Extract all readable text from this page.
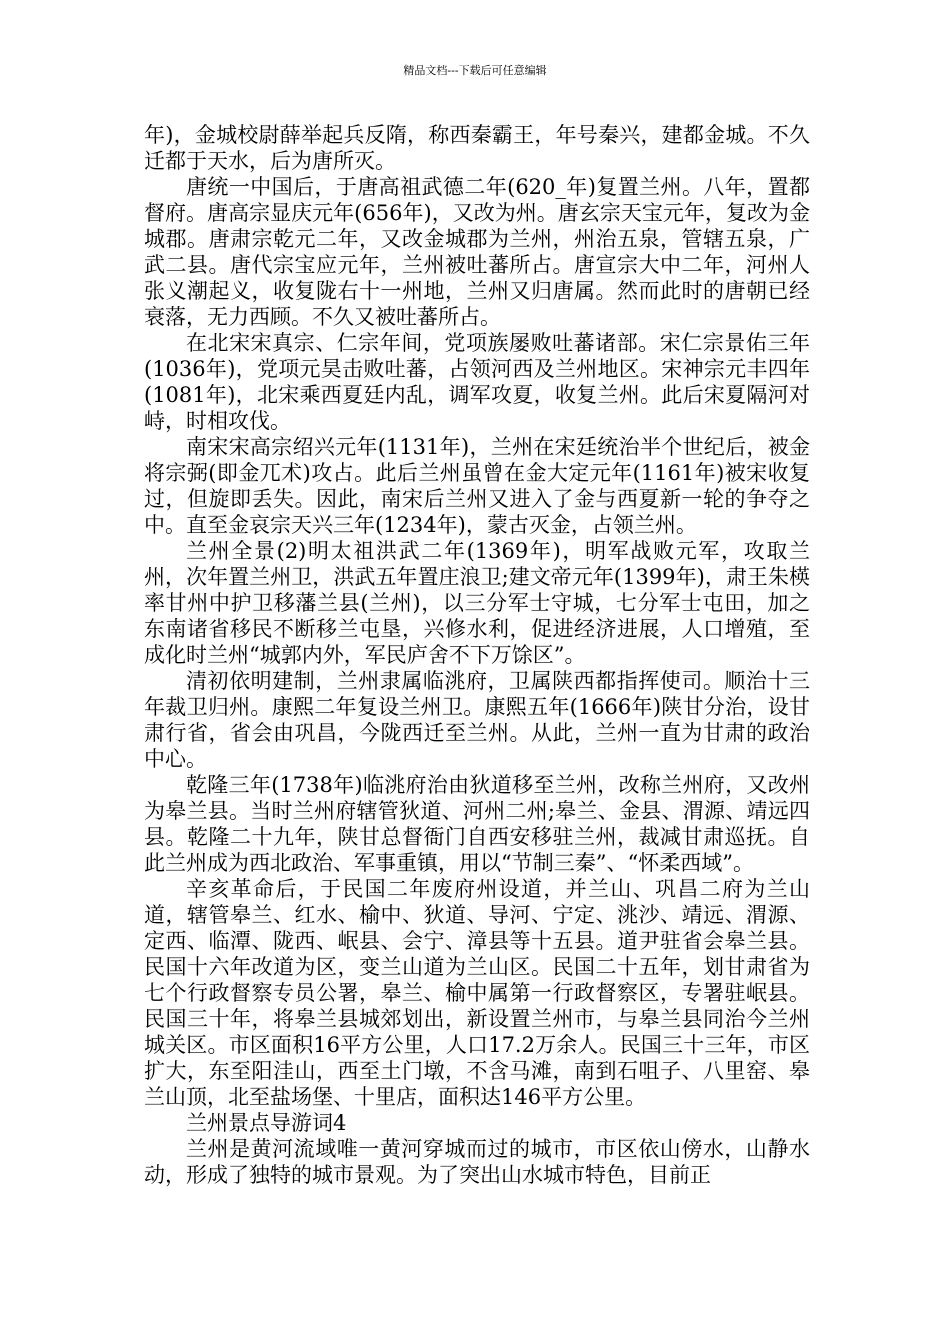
精品文档---下载后可任意编辑

年)，金城校尉薛举起兵反隋，称西秦霸王，年号秦兴，建都金城。不久迁都于天水，后为唐所灭。

唐统一中国后，于唐高祖武德二年(620_年)复置兰州。八年，置都督府。唐高宗显庆元年(656年)，又改为州。唐玄宗天宝元年，复改为金城郡。唐肃宗乾元二年，又改金城郡为兰州，州治五泉，管辖五泉，广武二县。唐代宗宝应元年，兰州被吐蕃所占。唐宣宗大中二年，河州人张义潮起义，收复陇右十一州地，兰州又归唐属。然而此时的唐朝已经衰落，无力西顾。不久又被吐蕃所占。

在北宋宋真宗、仁宗年间，党项族屡败吐蕃诸部。宋仁宗景佑三年(1036年)，党项元昊击败吐蕃，占领河西及兰州地区。宋神宗元丰四年(1081年)，北宋乘西夏廷内乱，调军攻夏，收复兰州。此后宋夏隔河对峙，时相攻伐。

南宋宋高宗绍兴元年(1131年)，兰州在宋廷统治半个世纪后，被金将宗弼(即金兀术)攻占。此后兰州虽曾在金大定元年(1161年)被宋收复过，但旋即丢失。因此，南宋后兰州又进入了金与西夏新一轮的争夺之中。直至金哀宗天兴三年(1234年)，蒙古灭金，占领兰州。

兰州全景(2)明太祖洪武二年(1369年)，明军战败元军，攻取兰州，次年置兰州卫，洪武五年置庄浪卫;建文帝元年(1399年)，肃王朱楧率甘州中护卫移藩兰县(兰州)，以三分军士守城，七分军士屯田，加之东南诸省移民不断移兰屯垦，兴修水利，促进经济进展，人口增殖，至成化时兰州“城郭内外，军民庐舍不下万馀区”。

清初依明建制，兰州隶属临洮府，卫属陕西都指挥使司。顺治十三年裁卫归州。康熙二年复设兰州卫。康熙五年(1666年)陕甘分治，设甘肃行省，省会由巩昌，今陇西迁至兰州。从此，兰州一直为甘肃的政治中心。

乾隆三年(1738年)临洮府治由狄道移至兰州，改称兰州府，又改州为皋兰县。当时兰州府辖管狄道、河州二州;皋兰、金县、渭源、靖远四县。乾隆二十九年，陕甘总督衙门自西安移驻兰州，裁减甘肃巡抚。自此兰州成为西北政治、军事重镇，用以“节制三秦”、“怀柔西域”。

辛亥革命后，于民国二年废府州设道，并兰山、巩昌二府为兰山道，辖管皋兰、红水、榆中、狄道、导河、宁定、洮沙、靖远、渭源、定西、临潭、陇西、岷县、会宁、漳县等十五县。道尹驻省会皋兰县。民国十六年改道为区，变兰山道为兰山区。民国二十五年，划甘肃省为七个行政督察专员公署，皋兰、榆中属第一行政督察区，专署驻岷县。民国三十年，将皋兰县城郊划出，新设置兰州市，与皋兰县同治今兰州城关区。市区面积16平方公里，人口17.2万余人。民国三十三年，市区扩大，东至阳洼山，西至土门墩，不含马滩，南到石咀子、八里窑、皋兰山顶，北至盐场堡、十里店，面积达146平方公里。

兰州景点导游词4

兰州是黄河流域唯一黄河穿城而过的城市，市区依山傍水，山静水动，形成了独特的城市景观。为了突出山水城市特色，目前正
